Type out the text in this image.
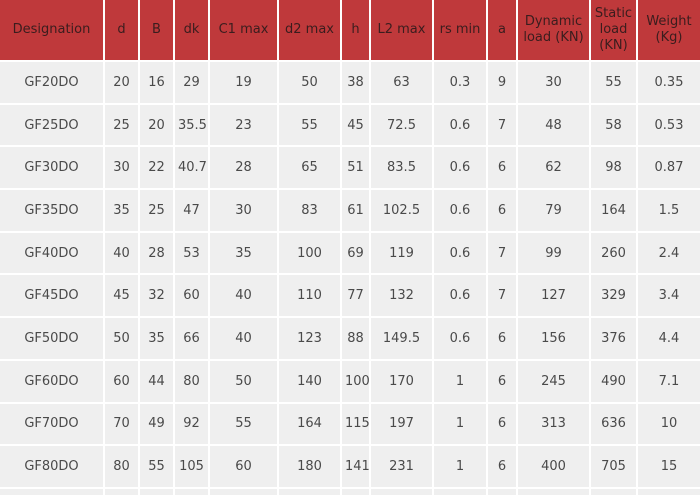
Designation	d	B	dk	C1 max	d2 max	h	L2 max	rs min	a	Dynamic load (KN)	Static load (KN)	Weight (Kg)
GF20DO	20	16	29	19	50	38	63	0.3	9	30	55	0.35
GF25DO	25	20	35.5	23	55	45	72.5	0.6	7	48	58	0.53
GF30DO	30	22	40.7	28	65	51	83.5	0.6	6	62	98	0.87
GF35DO	35	25	47	30	83	61	102.5	0.6	6	79	164	1.5
GF40DO	40	28	53	35	100	69	119	0.6	7	99	260	2.4
GF45DO	45	32	60	40	110	77	132	0.6	7	127	329	3.4
GF50DO	50	35	66	40	123	88	149.5	0.6	6	156	376	4.4
GF60DO	60	44	80	50	140	100	170	1	6	245	490	7.1
GF70DO	70	49	92	55	164	115	197	1	6	313	636	10
GF80DO	80	55	105	60	180	141	231	1	6	400	705	15
